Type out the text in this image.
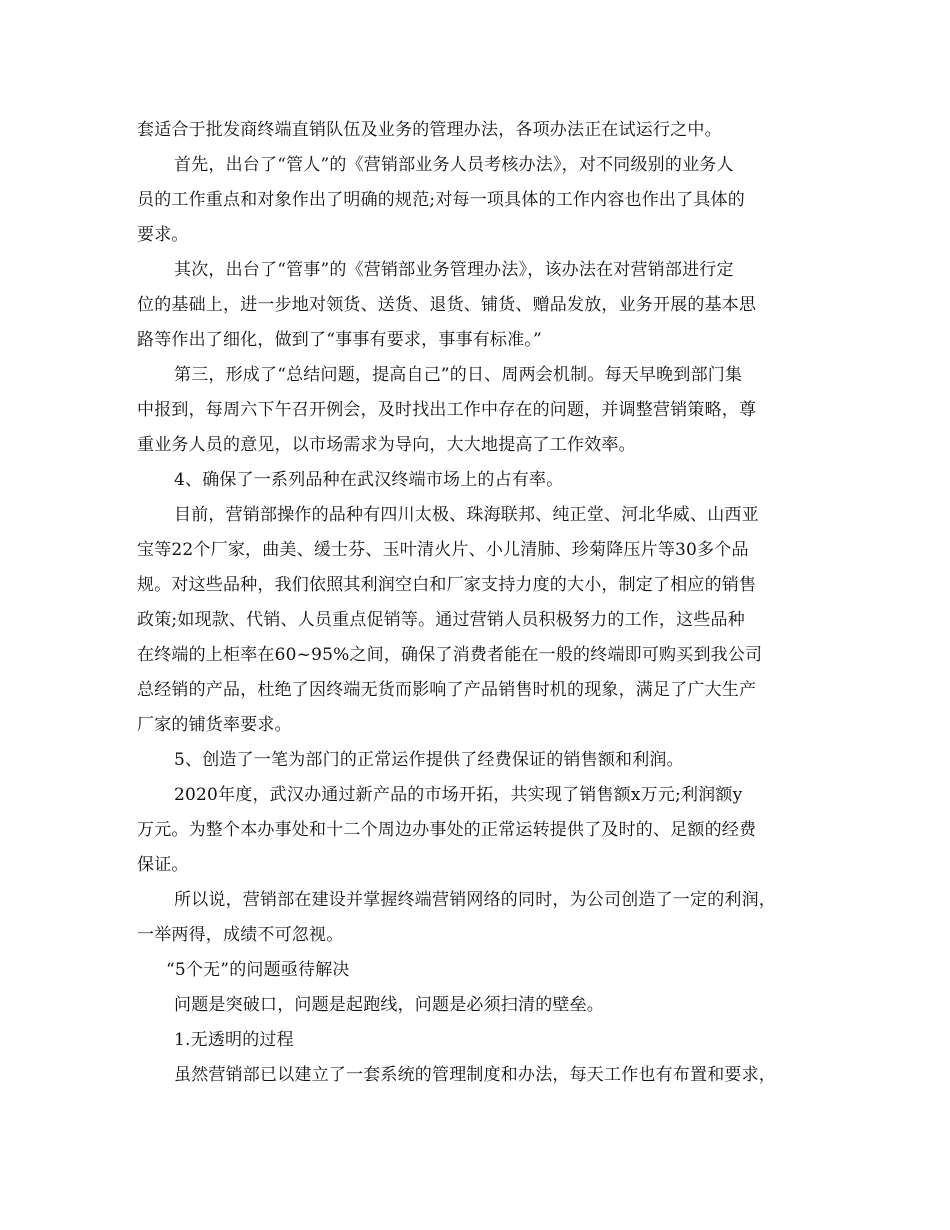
套适合于批发商终端直销队伍及业务的管理办法，各项办法正在试运行之中。
首先，出台了“管人”的《营销部业务人员考核办法》，对不同级别的业务人
员的工作重点和对象作出了明确的规范;对每一项具体的工作内容也作出了具体的
要求。
其次，出台了“管事”的《营销部业务管理办法》，该办法在对营销部进行定
位的基础上，进一步地对领货、送货、退货、铺货、赠品发放，业务开展的基本思
路等作出了细化，做到了“事事有要求，事事有标准。”
第三，形成了“总结问题，提高自己”的日、周两会机制。每天早晚到部门集
中报到，每周六下午召开例会，及时找出工作中存在的问题，并调整营销策略，尊
重业务人员的意见，以市场需求为导向，大大地提高了工作效率。
4、确保了一系列品种在武汉终端市场上的占有率。
目前，营销部操作的品种有四川太极、珠海联邦、纯正堂、河北华威、山西亚
宝等22个厂家，曲美、缓士芬、玉叶清火片、小儿清肺、珍菊降压片等30多个品
规。对这些品种，我们依照其利润空白和厂家支持力度的大小，制定了相应的销售
政策;如现款、代销、人员重点促销等。通过营销人员积极努力的工作，这些品种
在终端的上柜率在60~95%之间，确保了消费者能在一般的终端即可购买到我公司
总经销的产品，杜绝了因终端无货而影响了产品销售时机的现象，满足了广大生产
厂家的铺货率要求。
5、创造了一笔为部门的正常运作提供了经费保证的销售额和利润。
2020年度，武汉办通过新产品的市场开拓，共实现了销售额x万元;利润额y
万元。为整个本办事处和十二个周边办事处的正常运转提供了及时的、足额的经费
保证。
所以说，营销部在建设并掌握终端营销网络的同时，为公司创造了一定的利润，
一举两得，成绩不可忽视。
“5个无”的问题亟待解决
问题是突破口，问题是起跑线，问题是必须扫清的壁垒。
1.无透明的过程
虽然营销部已以建立了一套系统的管理制度和办法，每天工作也有布置和要求，
